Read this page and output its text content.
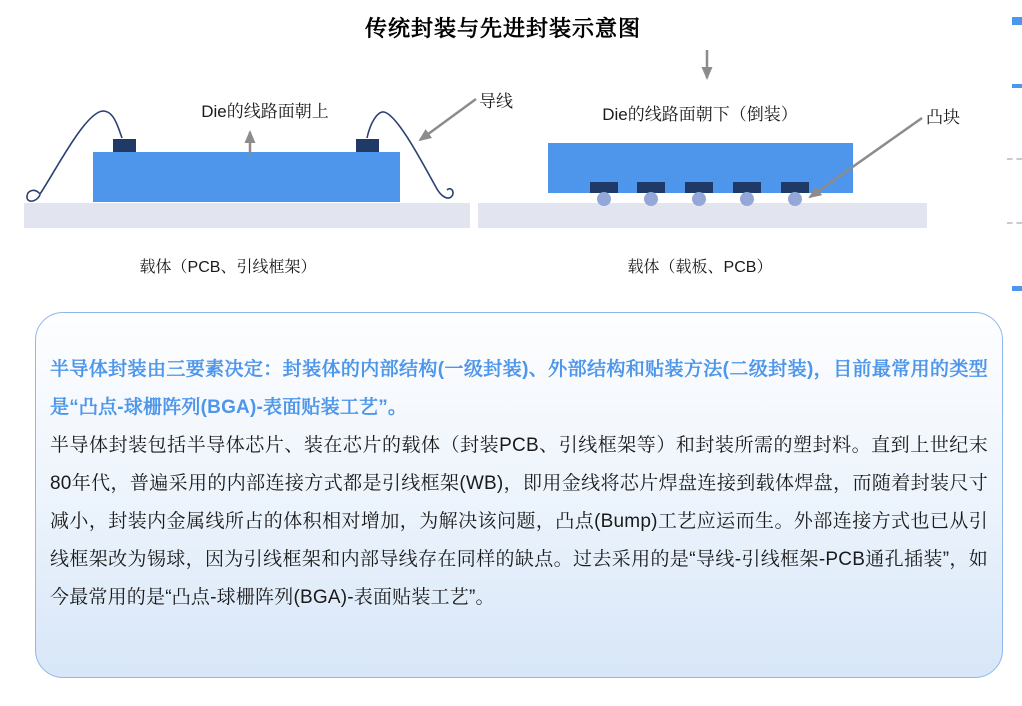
传统封装与先进封装示意图
Die的线路面朝上
导线
载体（PCB、引线框架）
Die的线路面朝下（倒装）	凸块
载体（载板、PCB）

半导体封装由三要素决定：封装体的内部结构(一级封装)、外部结构和贴装方法(二级封装)，目前最常用的类型是“凸点-球栅阵列(BGA)-表面贴装工艺”。

半导体封装包括半导体芯片、装在芯片的载体（封装PCB、引线框架等）和封装所需的塑封料。直到上世纪末80年代，普遍采用的内部连接方式都是引线框架(WB)，即用金线将芯片焊盘连接到载体焊盘，而随着封装尺寸减小，封装内金属线所占的体积相对增加，为解决该问题，凸点(Bump)工艺应运而生。外部连接方式也已从引线框架改为锡球，因为引线框架和内部导线存在同样的缺点。过去采用的是“导线-引线框架-PCB通孔插装”，如今最常用的是“凸点-球栅阵列(BGA)-表面贴装工艺”。
